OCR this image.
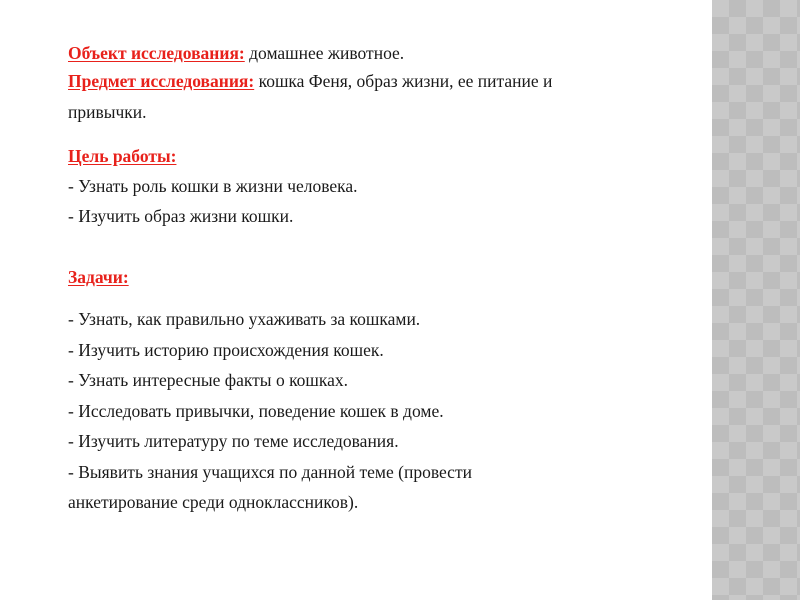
Объект исследования: домашнее животное.
Предмет исследования: кошка Феня, образ жизни, ее питание и
привычки.
Цель работы:
- Узнать роль кошки в жизни человека.
- Изучить образ жизни кошки.
Задачи:
- Узнать, как правильно ухаживать за кошками.
- Изучить историю происхождения кошек.
- Узнать интересные факты о кошках.
- Исследовать привычки, поведение кошек в доме.
- Изучить литературу по теме исследования.
- Выявить знания учащихся по данной теме (провести
анкетирование среди одноклассников).
